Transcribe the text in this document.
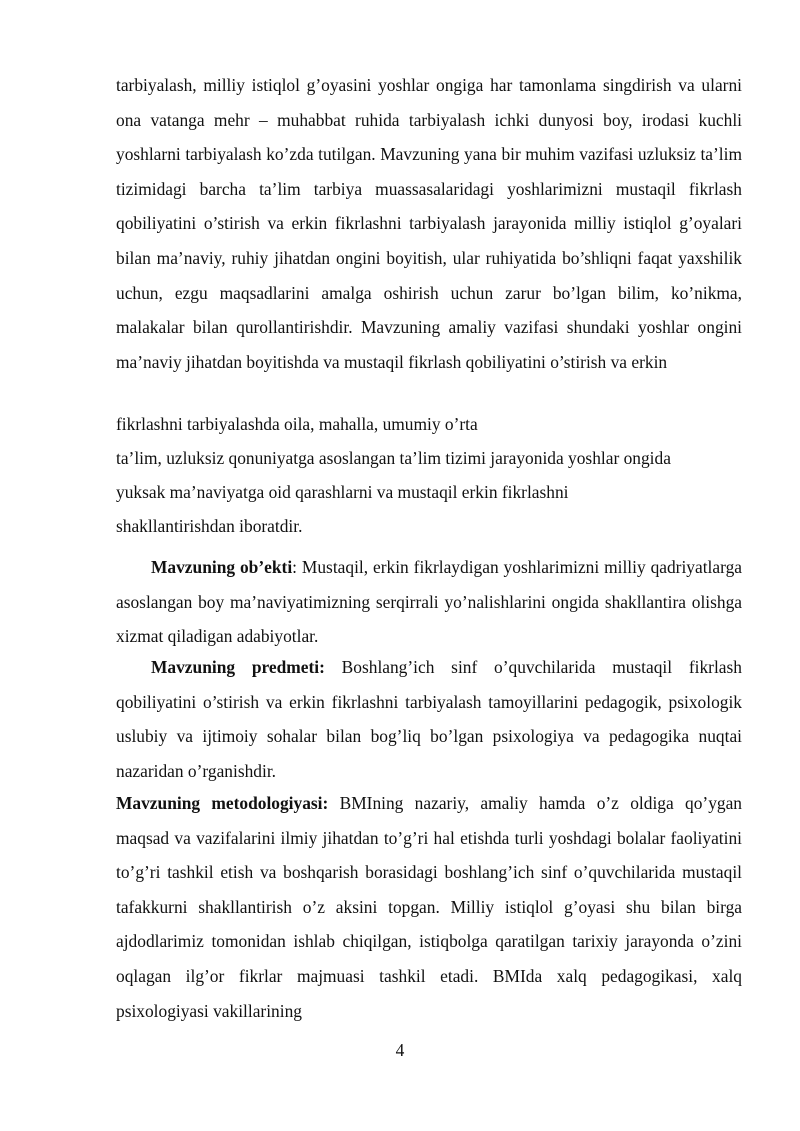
tarbiyalash, milliy istiqlol g’oyasini yoshlar ongiga har tamonlama singdirish va ularni ona vatanga mehr – muhabbat ruhida tarbiyalash ichki dunyosi boy, irodasi kuchli yoshlarni tarbiyalash ko’zda tutilgan. Mavzuning yana bir muhim vazifasi uzluksiz ta’lim tizimidagi barcha ta’lim tarbiya muassasalaridagi yoshlarimizni mustaqil fikrlash qobiliyatini o’stirish va erkin fikrlashni tarbiyalash jarayonida milliy istiqlol g’oyalari bilan ma’naviy, ruhiy jihatdan ongini boyitish, ular ruhiyatida bo’shliqni faqat yaxshilik uchun, ezgu maqsadlarini amalga oshirish uchun zarur bo’lgan bilim, ko’nikma, malakalar bilan qurollantirishdir. Mavzuning amaliy vazifasi shundaki yoshlar ongini ma’naviy jihatdan boyitishda va mustaqil fikrlash qobiliyatini o’stirish va erkin

fikrlashni tarbiyalashda oila, mahalla, umumiy o’rta

ta’lim, uzluksiz qonuniyatga asoslangan ta’lim tizimi jarayonida yoshlar ongida

yuksak ma’naviyatga oid qarashlarni va mustaqil erkin fikrlashni

shakllantirishdan iboratdir.

Mavzuning ob’ekti: Mustaqil, erkin fikrlaydigan yoshlarimizni milliy qadriyatlarga asoslangan boy ma’naviyatimizning serqirrali yo’nalishlarini ongida shakllantira olishga xizmat qiladigan adabiyotlar.

Mavzuning predmeti: Boshlang’ich sinf o’quvchilarida mustaqil fikrlash qobiliyatini o’stirish va erkin fikrlashni tarbiyalash tamoyillarini pedagogik, psixologik uslubiy va ijtimoiy sohalar bilan bog’liq bo’lgan psixologiya va pedagogika nuqtai nazaridan o’rganishdir.

Mavzuning metodologiyasi: BMIning nazariy, amaliy hamda o’z oldiga qo’ygan maqsad va vazifalarini ilmiy jihatdan to’g’ri hal etishda turli yoshdagi bolalar faoliyatini to’g’ri tashkil etish va boshqarish borasidagi boshlang’ich sinf o’quvchilarida mustaqil tafakkurni shakllantirish o’z aksini topgan. Milliy istiqlol g’oyasi shu bilan birga ajdodlarimiz tomonidan ishlab chiqilgan, istiqbolga qaratilgan tarixiy jarayonda o’zini oqlagan ilg’or fikrlar majmuasi tashkil etadi. BMIda xalq pedagogikasi, xalq psixologiyasi vakillarining

4
